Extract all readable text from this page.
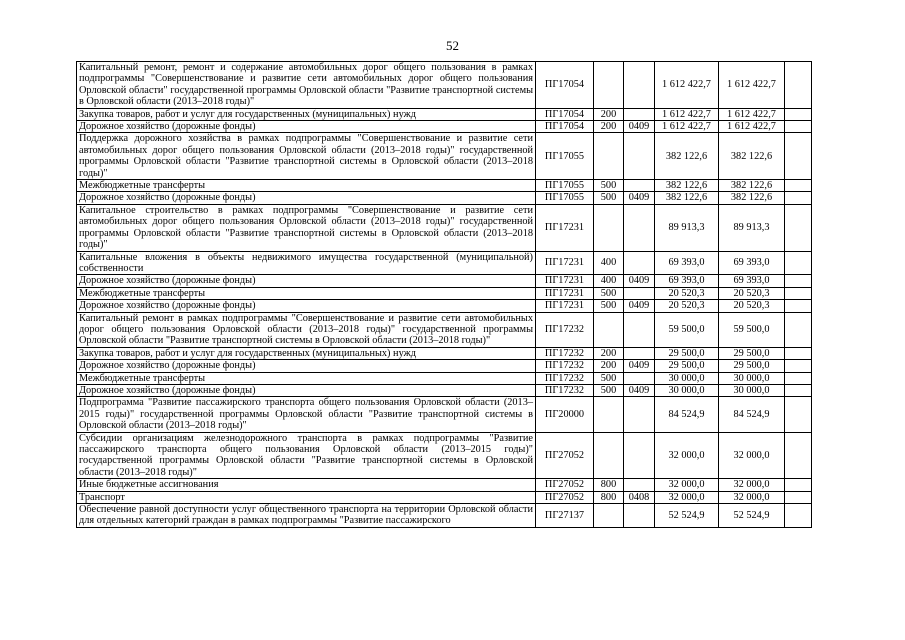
52
Капитальный ремонт, ремонт и содержание автомобильных дорог общего пользования в рамках подпрограммы "Совершенствование и развитие сети автомобильных дорог общего пользования Орловской области" государственной программы Орловской области "Развитие транспортной системы в Орловской области (2013–2018 годы)"	ПГ17054			1 612 422,7	1 612 422,7	
Закупка товаров, работ и услуг для государственных (муниципальных) нужд	ПГ17054	200		1 612 422,7	1 612 422,7	
Дорожное хозяйство (дорожные фонды)	ПГ17054	200	0409	1 612 422,7	1 612 422,7	
Поддержка дорожного хозяйства в рамках подпрограммы "Совершенствование и развитие сети автомобильных дорог общего пользования Орловской области (2013–2018 годы)" государственной программы Орловской области "Развитие транспортной системы в Орловской области (2013–2018 годы)"	ПГ17055			382 122,6	382 122,6	
Межбюджетные трансферты	ПГ17055	500		382 122,6	382 122,6	
Дорожное хозяйство (дорожные фонды)	ПГ17055	500	0409	382 122,6	382 122,6	
Капитальное строительство в рамках подпрограммы "Совершенствование и развитие сети автомобильных дорог общего пользования Орловской области (2013–2018 годы)" государственной программы Орловской области "Развитие транспортной системы в Орловской области (2013–2018 годы)"	ПГ17231			89 913,3	89 913,3	
Капитальные вложения в объекты недвижимого имущества государственной (муниципальной) собственности	ПГ17231	400		69 393,0	69 393,0	
Дорожное хозяйство (дорожные фонды)	ПГ17231	400	0409	69 393,0	69 393,0	
Межбюджетные трансферты	ПГ17231	500		20 520,3	20 520,3	
Дорожное хозяйство (дорожные фонды)	ПГ17231	500	0409	20 520,3	20 520,3	
Капитальный ремонт в рамках подпрограммы "Совершенствование и развитие сети автомобильных дорог общего пользования Орловской области (2013–2018 годы)" государственной программы Орловской области "Развитие транспортной системы в Орловской области (2013–2018 годы)"	ПГ17232			59 500,0	59 500,0	
Закупка товаров, работ и услуг для государственных (муниципальных) нужд	ПГ17232	200		29 500,0	29 500,0	
Дорожное хозяйство (дорожные фонды)	ПГ17232	200	0409	29 500,0	29 500,0	
Межбюджетные трансферты	ПГ17232	500		30 000,0	30 000,0	
Дорожное хозяйство (дорожные фонды)	ПГ17232	500	0409	30 000,0	30 000,0	
Подпрограмма "Развитие пассажирского транспорта общего пользования Орловской области (2013–2015 годы)" государственной программы Орловской области "Развитие транспортной системы в Орловской области (2013–2018 годы)"	ПГ20000			84 524,9	84 524,9	
Субсидии организациям железнодорожного транспорта в рамках подпрограммы "Развитие пассажирского транспорта общего пользования Орловской области (2013–2015 годы)" государственной программы Орловской области "Развитие транспортной системы в Орловской области (2013–2018 годы)"	ПГ27052			32 000,0	32 000,0	
Иные бюджетные ассигнования	ПГ27052	800		32 000,0	32 000,0	
Транспорт	ПГ27052	800	0408	32 000,0	32 000,0	
Обеспечение равной доступности услуг общественного транспорта на территории Орловской области для отдельных категорий граждан в рамках подпрограммы "Развитие пассажирского	ПГ27137			52 524,9	52 524,9	
